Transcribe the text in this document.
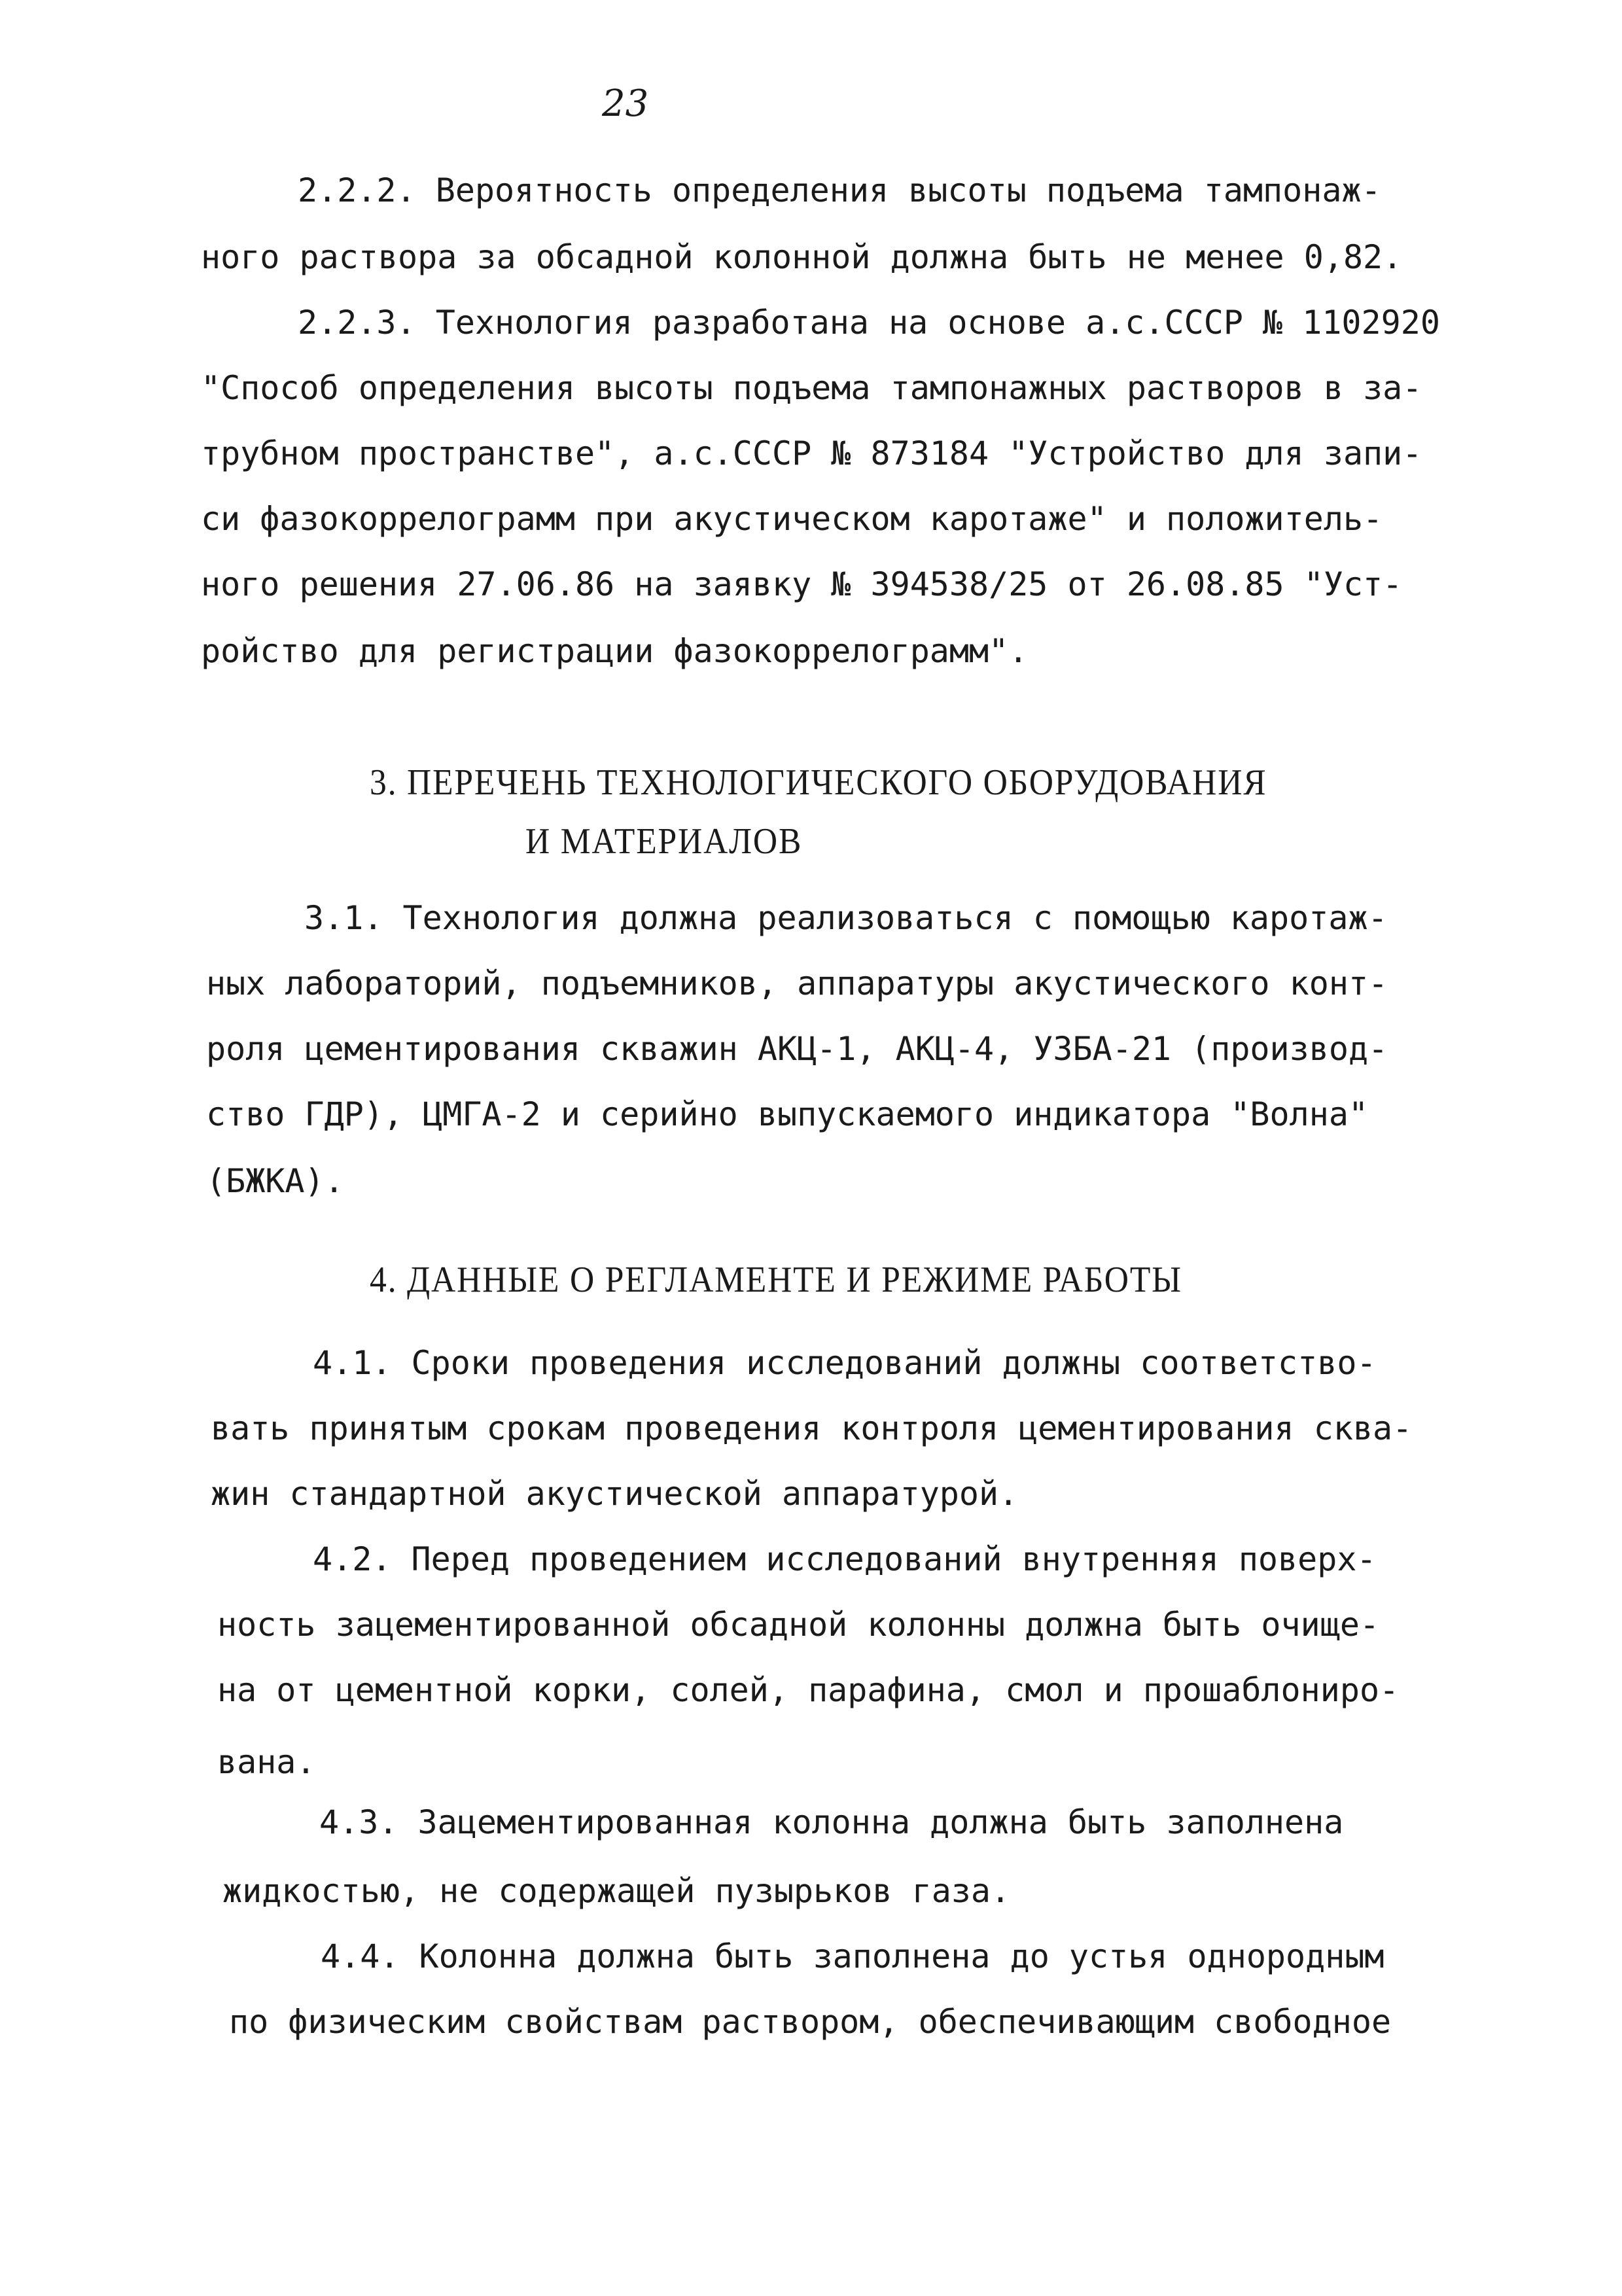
23
2.2.2. Вероятность определения высоты подъема тампонаж-
ного раствора за обсадной колонной должна быть не менее 0,82.
2.2.3. Технология разработана на основе а.с.СССР № 1102920
"Способ определения высоты подъема тампонажных растворов в за-
трубном пространстве", а.с.СССР № 873184 "Устройство для запи-
си фазокоррелограмм при акустическом каротаже" и положитель-
ного решения 27.06.86 на заявку № 394538/25 от 26.08.85 "Уст-
ройство для регистрации фазокоррелограмм".
3. ПЕРЕЧЕНЬ ТЕХНОЛОГИЧЕСКОГО ОБОРУДОВАНИЯ
И МАТЕРИАЛОВ
3.1. Технология должна реализоваться с помощью каротаж-
ных лабораторий, подъемников, аппаратуры акустического конт-
роля цементирования скважин АКЦ-1, АКЦ-4, УЗБА-21 (производ-
ство ГДР), ЦМГА-2 и серийно выпускаемого индикатора "Волна"
(БЖКА).
4. ДАННЫЕ О РЕГЛАМЕНТЕ И РЕЖИМЕ РАБОТЫ
4.1. Сроки проведения исследований должны соответство-
вать принятым срокам проведения контроля цементирования сква-
жин стандартной акустической аппаратурой.
4.2. Перед проведением исследований внутренняя поверх-
ность зацементированной обсадной колонны должна быть очище-
на от цементной корки, солей, парафина, смол и прошаблониро-
вана.
4.3. Зацементированная колонна должна быть заполнена
жидкостью, не содержащей пузырьков газа.
4.4. Колонна должна быть заполнена до устья однородным
по физическим свойствам раствором, обеспечивающим свободное
